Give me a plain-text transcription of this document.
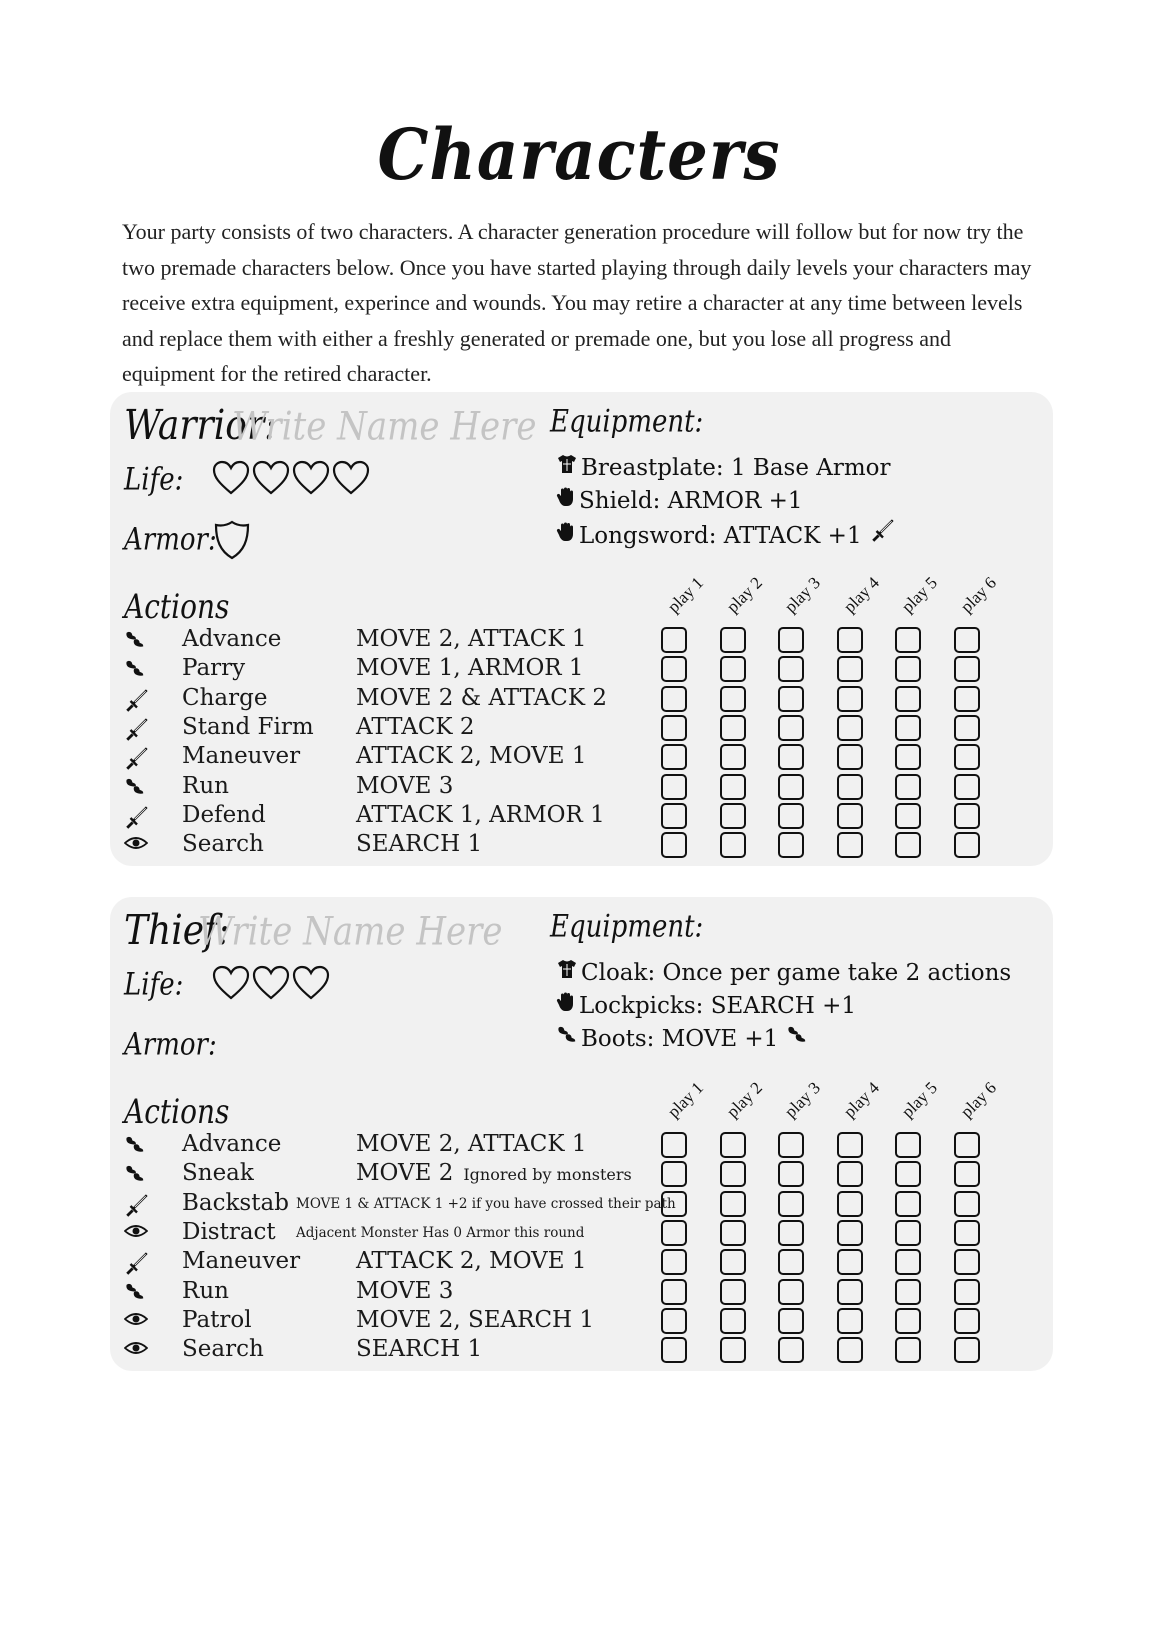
Characters
Your party consists of two characters. A character generation procedure will follow but for now try the two premade characters below. Once you have started playing through daily levels your characters may receive extra equipment, experince and wounds. You may retire a character at any time between levels and replace them with either a freshly generated or premade one, but you lose all progress and equipment for the retired character.
Warrior:
Write Name Here
Life:
Armor:
Equipment:
Breastplate: 1 Base Armor
Shield: ARMOR +1
Longsword: ATTACK +1
Actions	play 1 play 2 play 3 play 4 play 5 play 6
Advance	MOVE 2, ATTACK 1
Parry	MOVE 1, ARMOR 1
Charge	MOVE 2 & ATTACK 2
Stand Firm ATTACK 2
Maneuver ATTACK 2, MOVE 1
Run	MOVE 3
Defend	ATTACK 1, ARMOR 1
Search	SEARCH 1
Thief:
Write Name Here
Life:
Armor:
Equipment:
Cloak: Once per game take 2 actions
Lockpicks: SEARCH +1
Boots: MOVE +1
Actions	play 1 play 2 play 3 play 4 play 5 play 6
Advance	MOVE 2, ATTACK 1
Sneak	MOVE 2 Ignored by monsters
Backstab MOVE 1 & ATTACK 1 +2 if you have crossed their path
Distract Adjacent Monster Has 0 Armor this round
Maneuver ATTACK 2, MOVE 1
Run	MOVE 3
Patrol	MOVE 2, SEARCH 1
Search	SEARCH 1
